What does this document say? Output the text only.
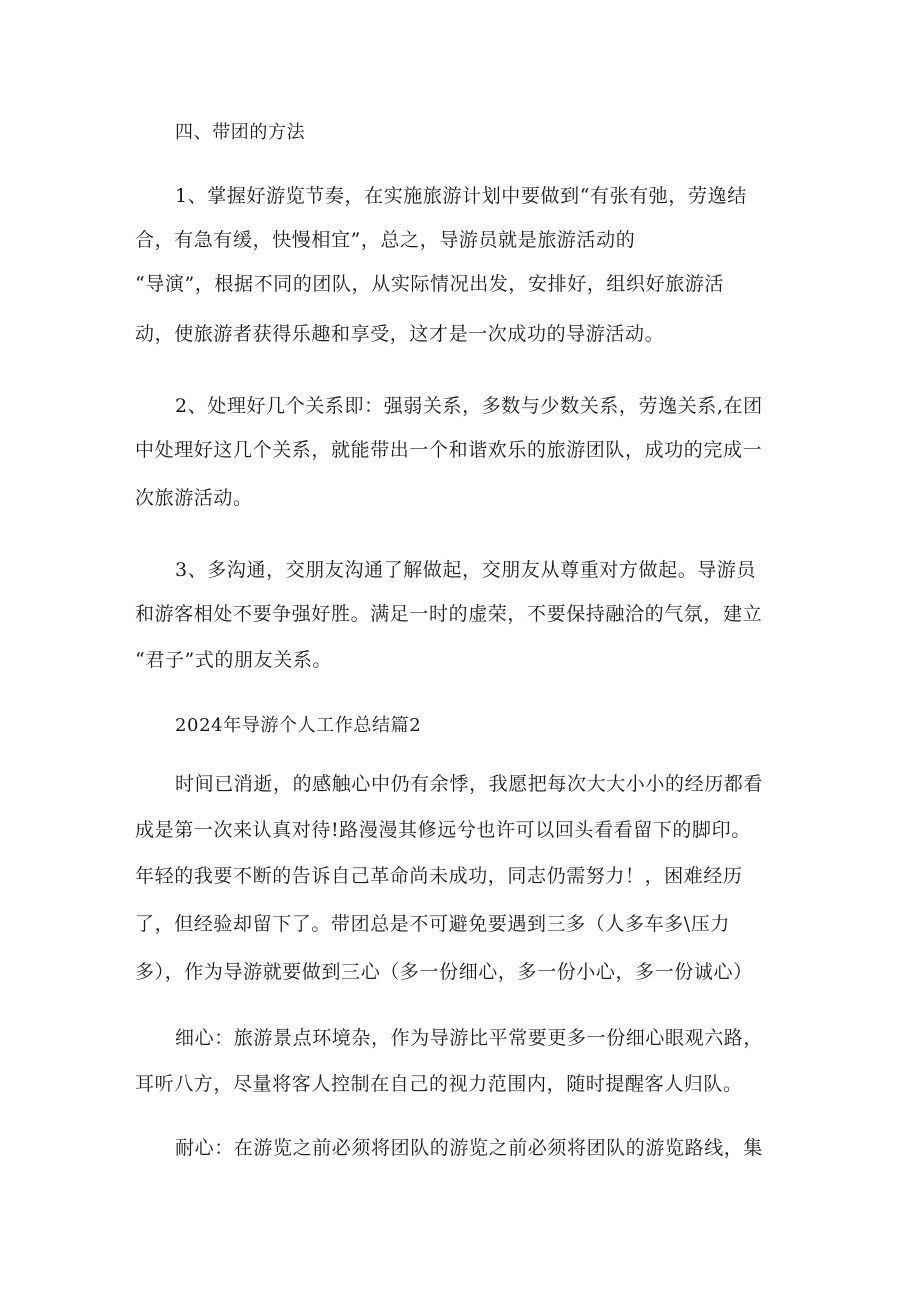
四、带团的方法
1、掌握好游览节奏，在实施旅游计划中要做到“有张有弛，劳逸结
合，有急有缓，快慢相宜”，总之，导游员就是旅游活动的
“导演”，根据不同的团队，从实际情况出发，安排好，组织好旅游活
动，使旅游者获得乐趣和享受，这才是一次成功的导游活动。
2、处理好几个关系即：强弱关系，多数与少数关系，劳逸关系,在团
中处理好这几个关系，就能带出一个和谐欢乐的旅游团队，成功的完成一
次旅游活动。
3、多沟通，交朋友沟通了解做起，交朋友从尊重对方做起。导游员
和游客相处不要争强好胜。满足一时的虚荣，不要保持融洽的气氛，建立
“君子”式的朋友关系。
2024年导游个人工作总结篇2
时间已消逝，的感触心中仍有余悸，我愿把每次大大小小的经历都看
成是第一次来认真对待!路漫漫其修远兮也许可以回头看看留下的脚印。
年轻的我要不断的告诉自己革命尚未成功，同志仍需努力！，困难经历
了，但经验却留下了。带团总是不可避免要遇到三多（人多车多\压力
多），作为导游就要做到三心（多一份细心，多一份小心，多一份诚心）
细心：旅游景点环境杂，作为导游比平常要更多一份细心眼观六路，
耳听八方，尽量将客人控制在自己的视力范围内，随时提醒客人归队。
耐心：在游览之前必须将团队的游览之前必须将团队的游览路线，集
